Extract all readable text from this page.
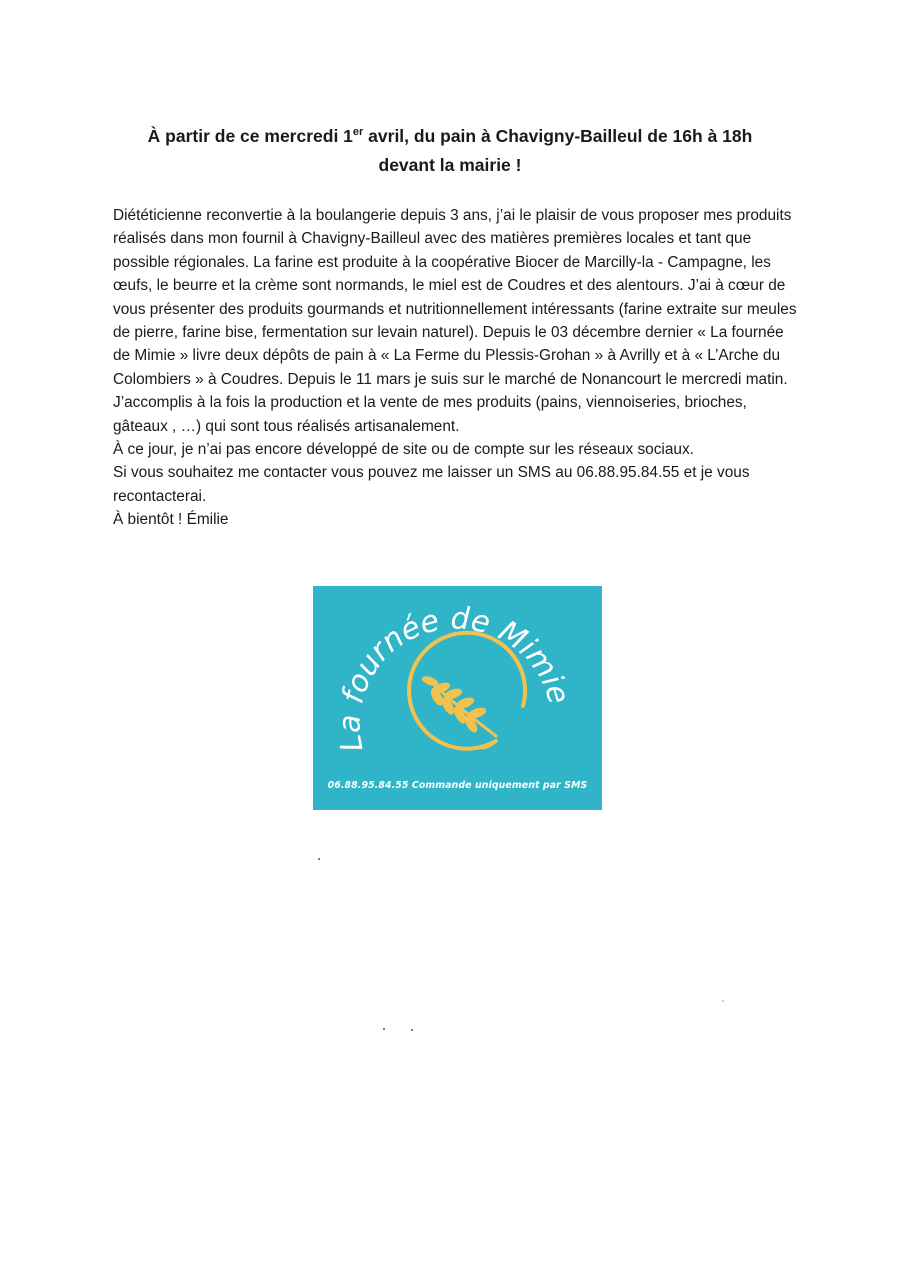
À partir de ce mercredi 1er avril, du pain à Chavigny-Bailleul de 16h à 18h
devant la mairie !

Diététicienne reconvertie à la boulangerie depuis 3 ans, j’ai le plaisir de vous proposer mes produits réalisés dans mon fournil à Chavigny-Bailleul avec des matières premières locales et tant que possible régionales. La farine est produite à la coopérative Biocer de Marcilly-la - Campagne, les œufs, le beurre et la crème sont normands, le miel est de Coudres et des alentours. J’ai à cœur de vous présenter des produits gourmands et nutritionnellement intéressants (farine extraite sur meules de pierre, farine bise, fermentation sur levain naturel). Depuis le 03 décembre dernier « La fournée de Mimie » livre deux dépôts de pain à « La Ferme du Plessis-Grohan » à Avrilly et à « L’Arche du Colombiers » à Coudres. Depuis le 11 mars je suis sur le marché de Nonancourt le mercredi matin.

J’accomplis à la fois la production et la vente de mes produits (pains, viennoiseries, brioches, gâteaux , …) qui sont tous réalisés artisanalement.

À ce jour, je n’ai pas encore développé de site ou de compte sur les réseaux sociaux.

Si vous souhaitez me contacter vous pouvez me laisser un SMS au 06.88.95.84.55 et je vous recontacterai.

À bientôt ! Émilie

La fournée de Mimie
06.88.95.84.55 Commande uniquement par SMS
